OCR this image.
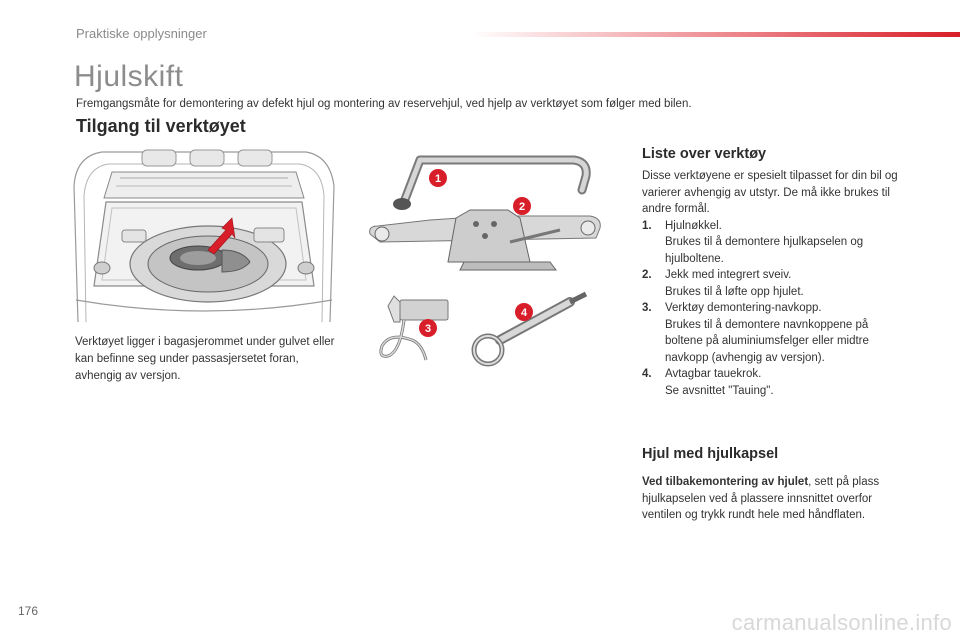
Praktiske opplysninger
Hjulskift
Fremgangsmåte for demontering av defekt hjul og montering av reservehjul, ved hjelp av verktøyet som følger med bilen.
Tilgang til verktøyet
1
2
3
4
Verktøyet ligger i bagasjerommet under gulvet eller kan befinne seg under passasjersetet foran, avhengig av versjon.
Liste over verktøy
Disse verktøyene er spesielt tilpasset for din bil og varierer avhengig av utstyr. De må ikke brukes til andre formål.
1.	Hjulnøkkel.
Brukes til å demontere hjulkapselen og hjulboltene.
2.	Jekk med integrert sveiv.
Brukes til å løfte opp hjulet.
3.	Verktøy demontering-navkopp.
Brukes til å demontere navnkoppene på boltene på aluminiumsfelger eller midtre navkopp (avhengig av versjon).
4.	Avtagbar tauekrok.
Se avsnittet "Tauing".
Hjul med hjulkapsel
Ved tilbakemontering av hjulet, sett på plass hjulkapselen ved å plassere innsnittet overfor ventilen og trykk rundt hele med håndflaten.
176	carmanualsonline.info
